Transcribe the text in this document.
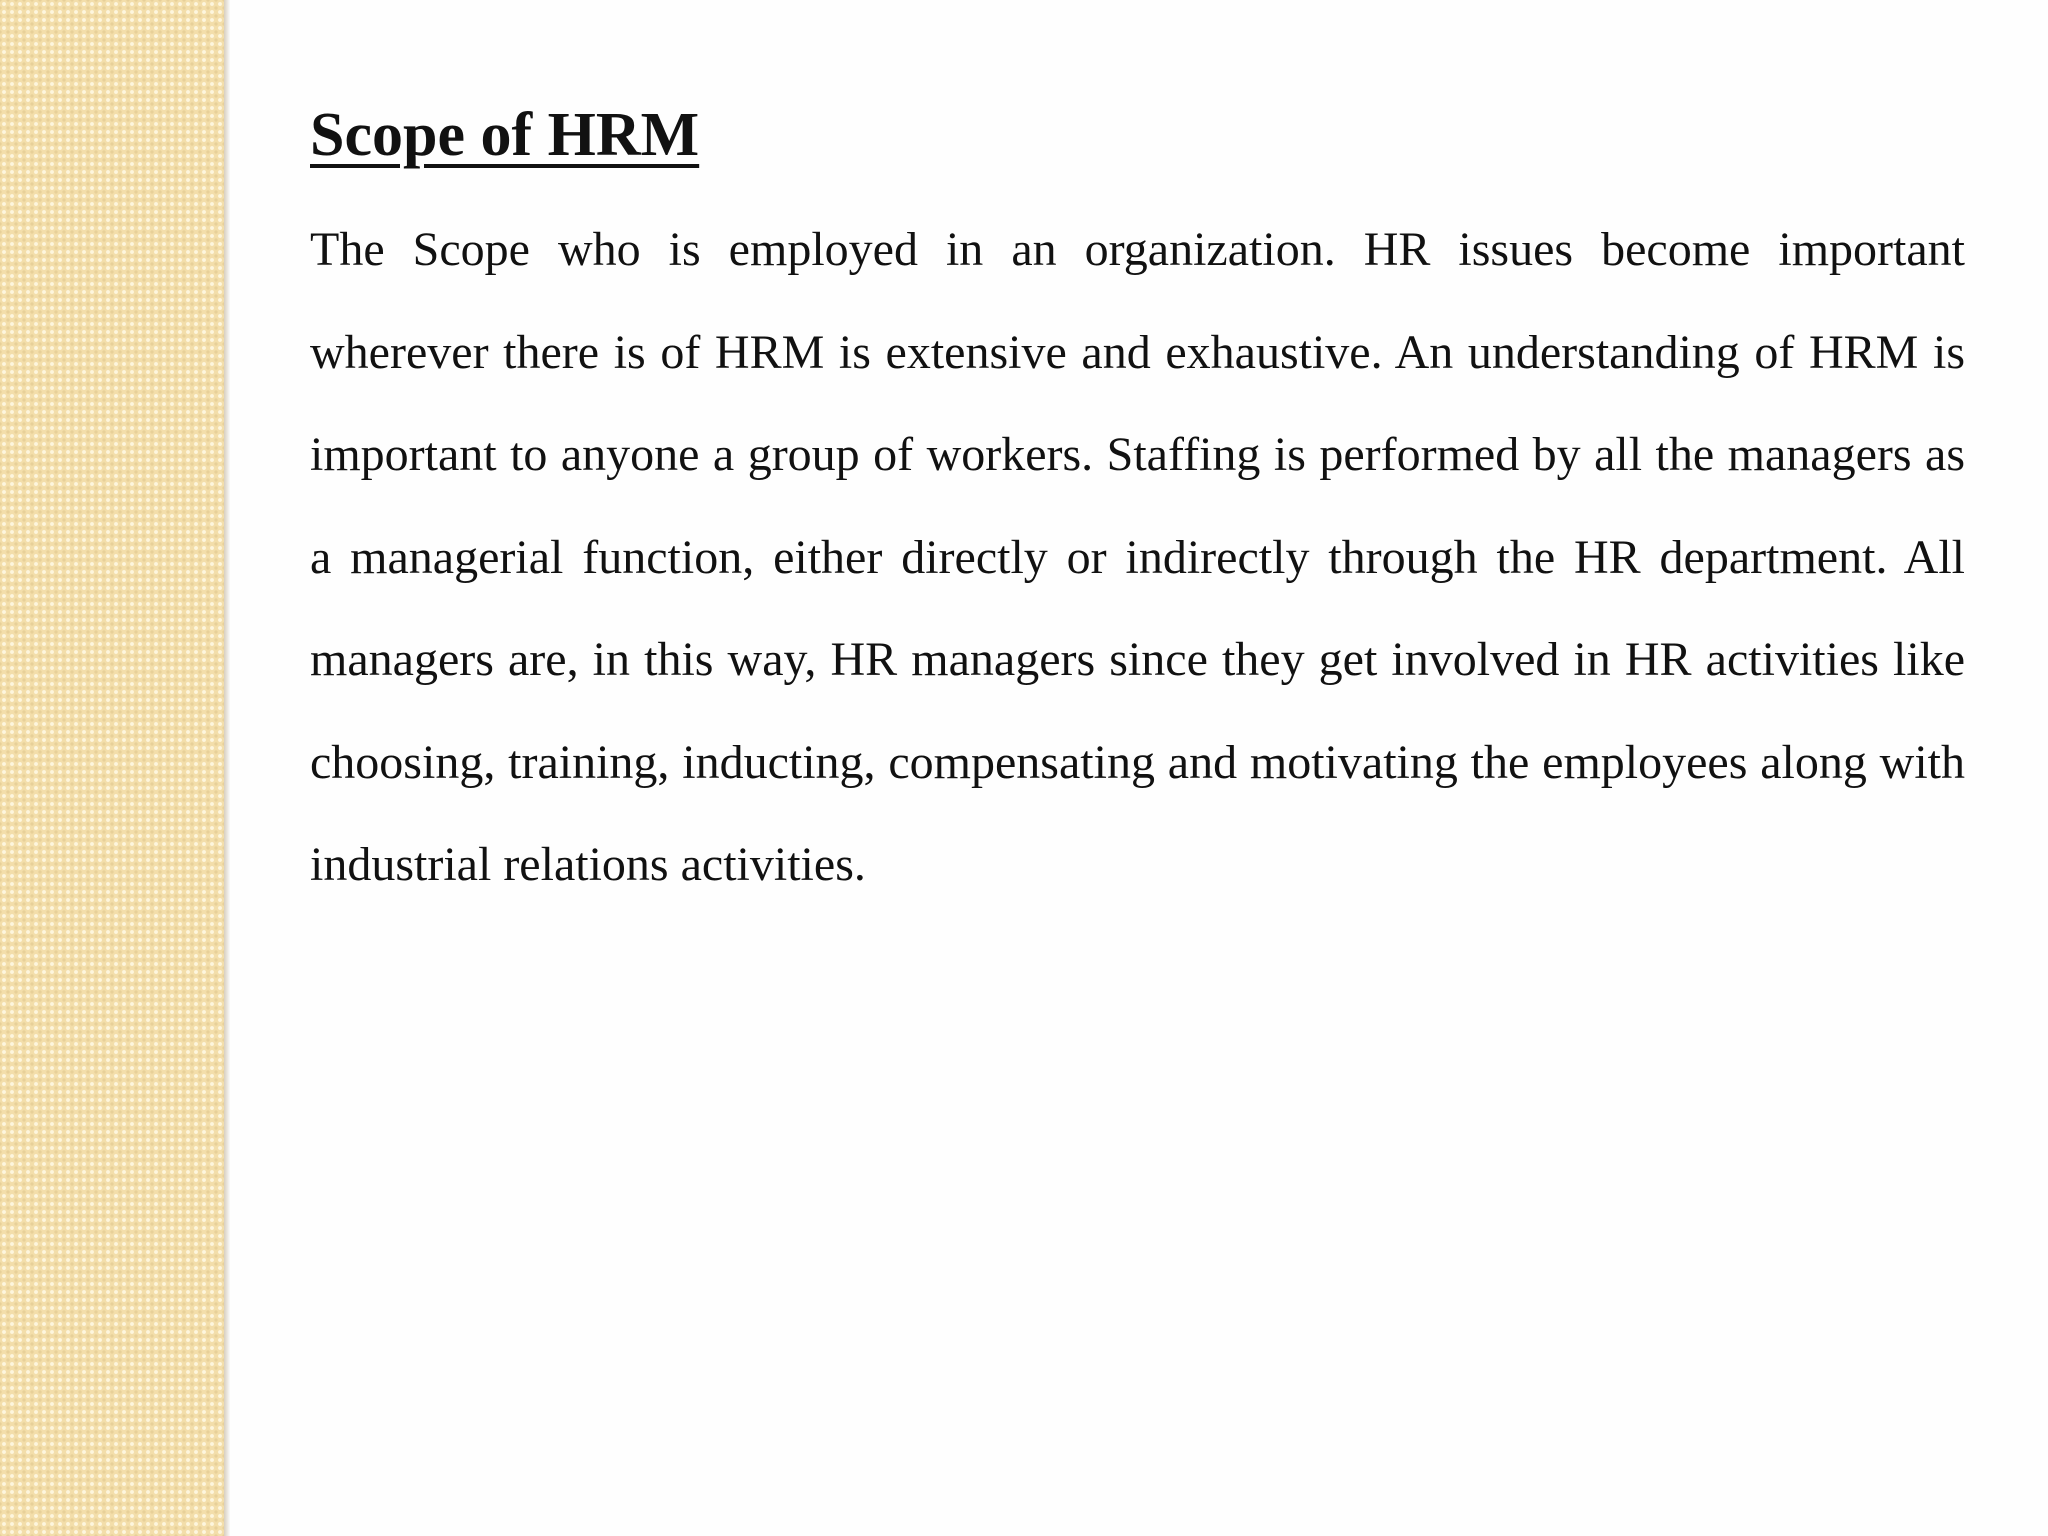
Scope of HRM

The Scope who is employed in an organization. HR issues become important wherever there is of HRM is extensive and exhaustive. An understanding of HRM is important to anyone a group of workers. Staffing is performed by all the managers as a managerial function, either directly or indirectly through the HR department. All managers are, in this way, HR managers since they get involved in HR activities like choosing, training, inducting, compensating and motivating the employees along with industrial relations activities.
